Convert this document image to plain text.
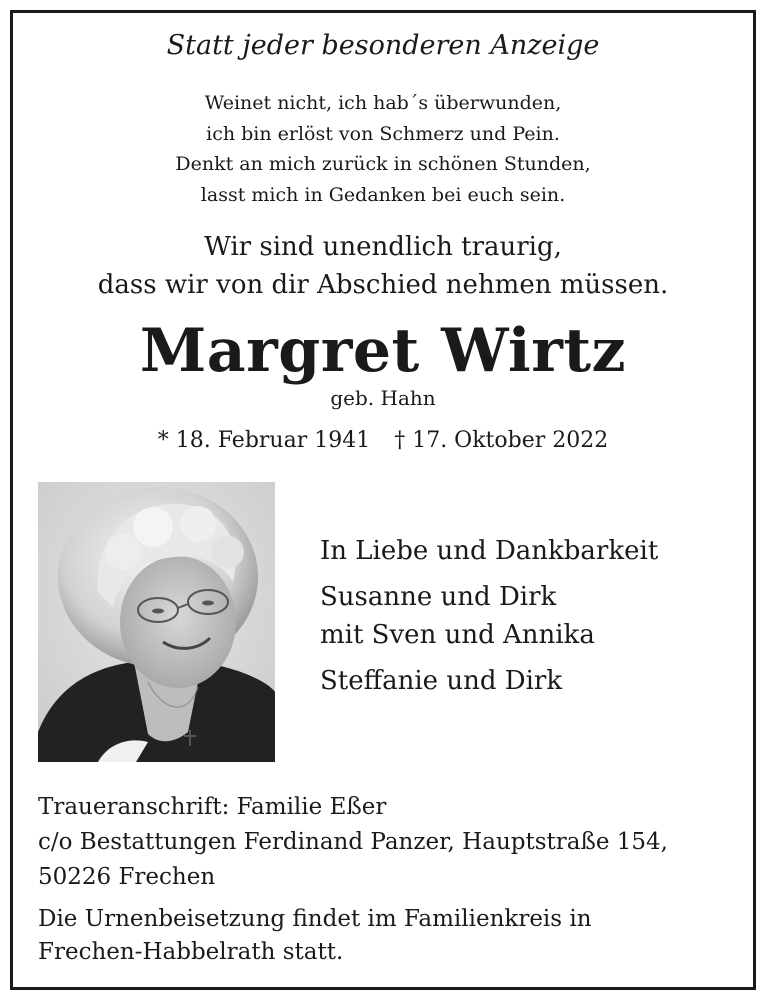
Statt jeder besonderen Anzeige
Weinet nicht, ich hab´s überwunden,
ich bin erlöst von Schmerz und Pein.
Denkt an mich zurück in schönen Stunden,
lasst mich in Gedanken bei euch sein.
Wir sind unendlich traurig,
dass wir von dir Abschied nehmen müssen.
Margret Wirtz
geb. Hahn
* 18. Februar 1941 † 17. Oktober 2022
In Liebe und Dankbarkeit
Susanne und Dirk
mit Sven und Annika
Steffanie und Dirk
Traueranschrift: Familie Eßer
c/o Bestattungen Ferdinand Panzer, Hauptstraße 154,
50226 Frechen
Die Urnenbeisetzung findet im Familienkreis in
Frechen-Habbelrath statt.
